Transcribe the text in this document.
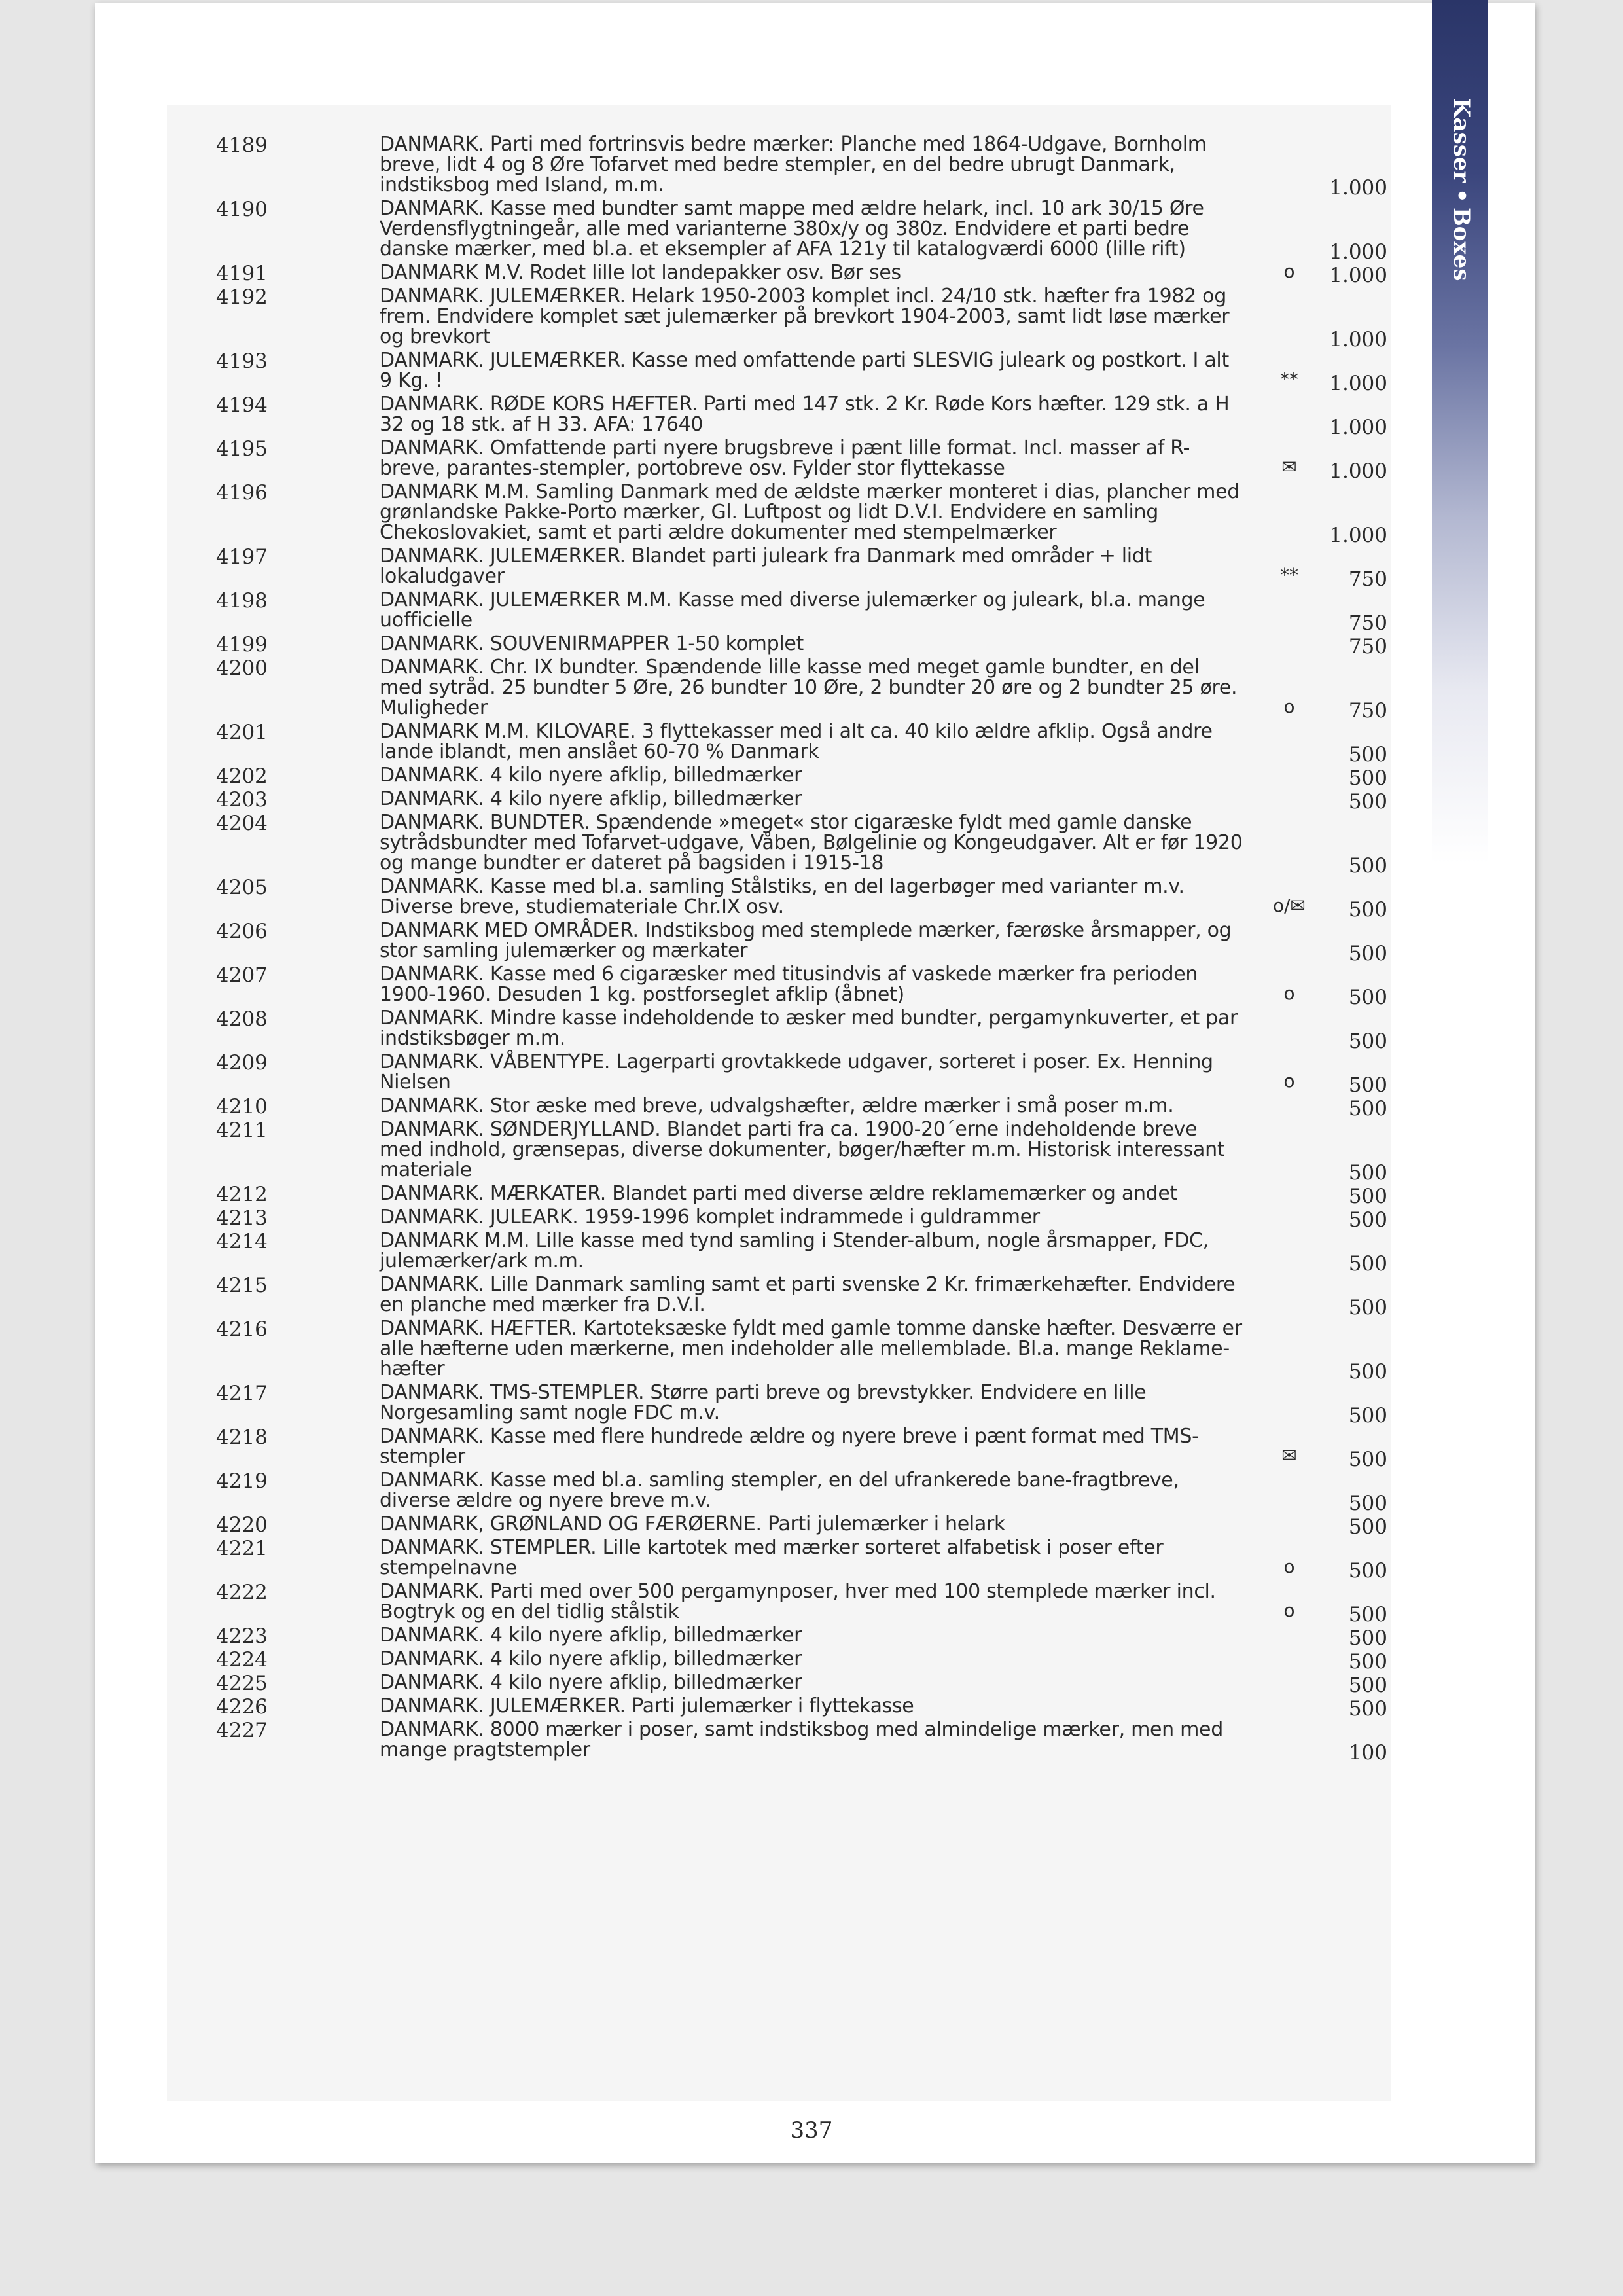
Kasser
•
Boxes
4189	DANMARK. Parti med fortrinsvis bedre mærker: Planche med 1864-Udgave, Bornholm breve, lidt 4 og 8 Øre Tofarvet med bedre stempler, en del bedre ubrugt Danmark, indstiksbog med Island, m.m.	1.000
4190	DANMARK. Kasse med bundter samt mappe med ældre helark, incl. 10 ark 30/15 Øre Verdensflygtningeår, alle med varianterne 380x/y og 380z. Endvidere et parti bedre danske mærker, med bl.a. et eksempler af AFA 121y til katalogværdi 6000 (lille rift)	1.000
4191	DANMARK M.V. Rodet lille lot landepakker osv. Bør ses	o	1.000
4192	DANMARK. JULEMÆRKER. Helark 1950-2003 komplet incl. 24/10 stk. hæfter fra 1982 og frem. Endvidere komplet sæt julemærker på brevkort 1904-2003, samt lidt løse mærker og brevkort	1.000
4193	DANMARK. JULEMÆRKER. Kasse med omfattende parti SLESVIG juleark og postkort. I alt 9 Kg. !	**	1.000
4194	DANMARK. RØDE KORS HÆFTER. Parti med 147 stk. 2 Kr. Røde Kors hæfter. 129 stk. a H 32 og 18 stk. af H 33. AFA: 17640	1.000
4195	DANMARK. Omfattende parti nyere brugsbreve i pænt lille format. Incl. masser af R-breve, parantes-stempler, portobreve osv. Fylder stor flyttekasse	✉	1.000
4196	DANMARK M.M. Samling Danmark med de ældste mærker monteret i dias, plancher med grønlandske Pakke-Porto mærker, Gl. Luftpost og lidt D.V.I. Endvidere en samling Chekoslovakiet, samt et parti ældre dokumenter med stempelmærker	1.000
4197	DANMARK. JULEMÆRKER. Blandet parti juleark fra Danmark med områder + lidt lokaludgaver	**	750
4198	DANMARK. JULEMÆRKER M.M. Kasse med diverse julemærker og juleark, bl.a. mange uofficielle	750
4199	DANMARK. SOUVENIRMAPPER 1-50 komplet	750
4200	DANMARK. Chr. IX bundter. Spændende lille kasse med meget gamle bundter, en del med sytråd. 25 bundter 5 Øre, 26 bundter 10 Øre, 2 bundter 20 øre og 2 bundter 25 øre. Muligheder	o	750
4201	DANMARK M.M. KILOVARE. 3 flyttekasser med i alt ca. 40 kilo ældre afklip. Også andre lande iblandt, men anslået 60-70 % Danmark	500
4202	DANMARK. 4 kilo nyere afklip, billedmærker	500
4203	DANMARK. 4 kilo nyere afklip, billedmærker	500
4204	DANMARK. BUNDTER. Spændende »meget« stor cigaræske fyldt med gamle danske sytrådsbundter med Tofarvet-udgave, Våben, Bølgelinie og Kongeudgaver. Alt er før 1920 og mange bundter er dateret på bagsiden i 1915-18	500
4205	DANMARK. Kasse med bl.a. samling Stålstiks, en del lagerbøger med varianter m.v. Diverse breve, studiemateriale Chr.IX osv.	o/✉ 500
4206	DANMARK MED OMRÅDER. Indstiksbog med stemplede mærker, færøske årsmapper, og stor samling julemærker og mærkater	500
4207	DANMARK. Kasse med 6 cigaræsker med titusindvis af vaskede mærker fra perioden 1900-1960. Desuden 1 kg. postforseglet afklip (åbnet)	o	500
4208	DANMARK. Mindre kasse indeholdende to æsker med bundter, pergamynkuverter, et par indstiksbøger m.m.	500
4209	DANMARK. VÅBENTYPE. Lagerparti grovtakkede udgaver, sorteret i poser. Ex. Henning Nielsen	o	500
4210	DANMARK. Stor æske med breve, udvalgshæfter, ældre mærker i små poser m.m.	500
4211	DANMARK. SØNDERJYLLAND. Blandet parti fra ca. 1900-20´erne indeholdende breve med indhold, grænsepas, diverse dokumenter, bøger/hæfter m.m. Historisk interessant materiale	500
4212	DANMARK. MÆRKATER. Blandet parti med diverse ældre reklamemærker og andet	500
4213	DANMARK. JULEARK. 1959-1996 komplet indrammede i guldrammer	500
4214	DANMARK M.M. Lille kasse med tynd samling i Stender-album, nogle årsmapper, FDC, julemærker/ark m.m.	500
4215	DANMARK. Lille Danmark samling samt et parti svenske 2 Kr. frimærkehæfter. Endvidere en planche med mærker fra D.V.I.	500
4216	DANMARK. HÆFTER. Kartoteksæske fyldt med gamle tomme danske hæfter. Desværre er alle hæfterne uden mærkerne, men indeholder alle mellemblade. Bl.a. mange Reklame-hæfter	500
4217	DANMARK. TMS-STEMPLER. Større parti breve og brevstykker. Endvidere en lille Norgesamling samt nogle FDC m.v.	500
4218	DANMARK. Kasse med flere hundrede ældre og nyere breve i pænt format med TMS-stempler	✉	500
4219	DANMARK. Kasse med bl.a. samling stempler, en del ufrankerede bane-fragtbreve, diverse ældre og nyere breve m.v.	500
4220	DANMARK, GRØNLAND OG FÆRØERNE. Parti julemærker i helark	500
4221	DANMARK. STEMPLER. Lille kartotek med mærker sorteret alfabetisk i poser efter stempelnavne	o	500
4222	DANMARK. Parti med over 500 pergamynposer, hver med 100 stemplede mærker incl. Bogtryk og en del tidlig stålstik	o	500
4223	DANMARK. 4 kilo nyere afklip, billedmærker	500
4224	DANMARK. 4 kilo nyere afklip, billedmærker	500
4225	DANMARK. 4 kilo nyere afklip, billedmærker	500
4226	DANMARK. JULEMÆRKER. Parti julemærker i flyttekasse	500
4227	DANMARK. 8000 mærker i poser, samt indstiksbog med almindelige mærker, men med mange pragtstempler	100
337
